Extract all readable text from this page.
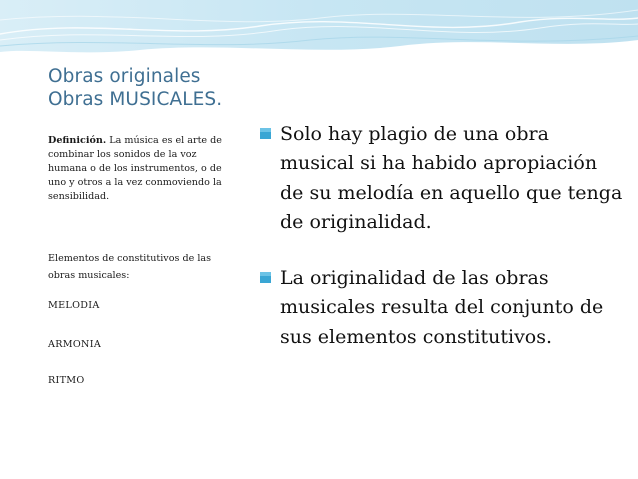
Obras originales
Obras MUSICALES.

Definición. La música es el arte de combinar los sonidos de la voz humana o de los instrumentos, o de uno y otros a la vez conmoviendo la sensibilidad.

Elementos de constitutivos de las obras musicales:
MELODIA
ARMONIA
RITMO
Solo hay plagio de una obra musical si ha habido apropiación de su melodía en aquello que tenga de originalidad.
La originalidad de las obras musicales resulta del conjunto de sus elementos constitutivos.
